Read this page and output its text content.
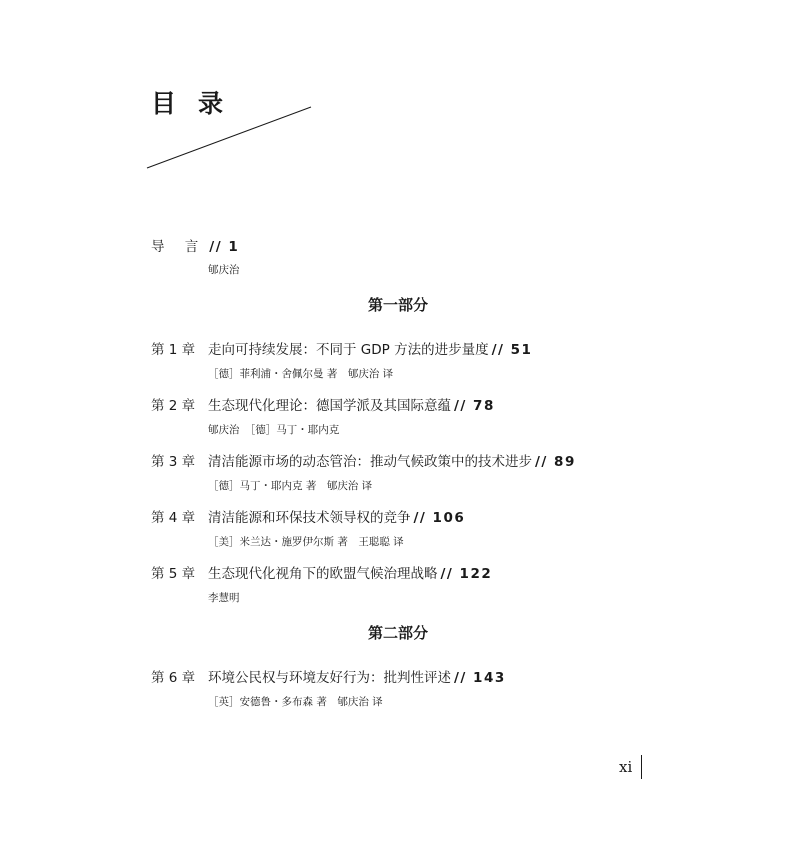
目录
导 言 // 1
郇庆治
第一部分
第 1 章 走向可持续发展：不同于 GDP 方法的进步量度 // 51
［德］菲利浦・舍佩尔曼 著　郇庆治 译
第 2 章 生态现代化理论：德国学派及其国际意蕴 // 78
郇庆治　［德］马丁・耶内克
第 3 章 清洁能源市场的动态管治：推动气候政策中的技术进步 // 89
［德］马丁・耶内克 著　郇庆治 译
第 4 章 清洁能源和环保技术领导权的竞争 // 106
［美］米兰达・施罗伊尔斯 著　王聪聪 译
第 5 章 生态现代化视角下的欧盟气候治理战略 // 122
李慧明
第二部分
第 6 章 环境公民权与环境友好行为：批判性评述 // 143
［英］安德鲁・多布森 著　郇庆治 译
xi
